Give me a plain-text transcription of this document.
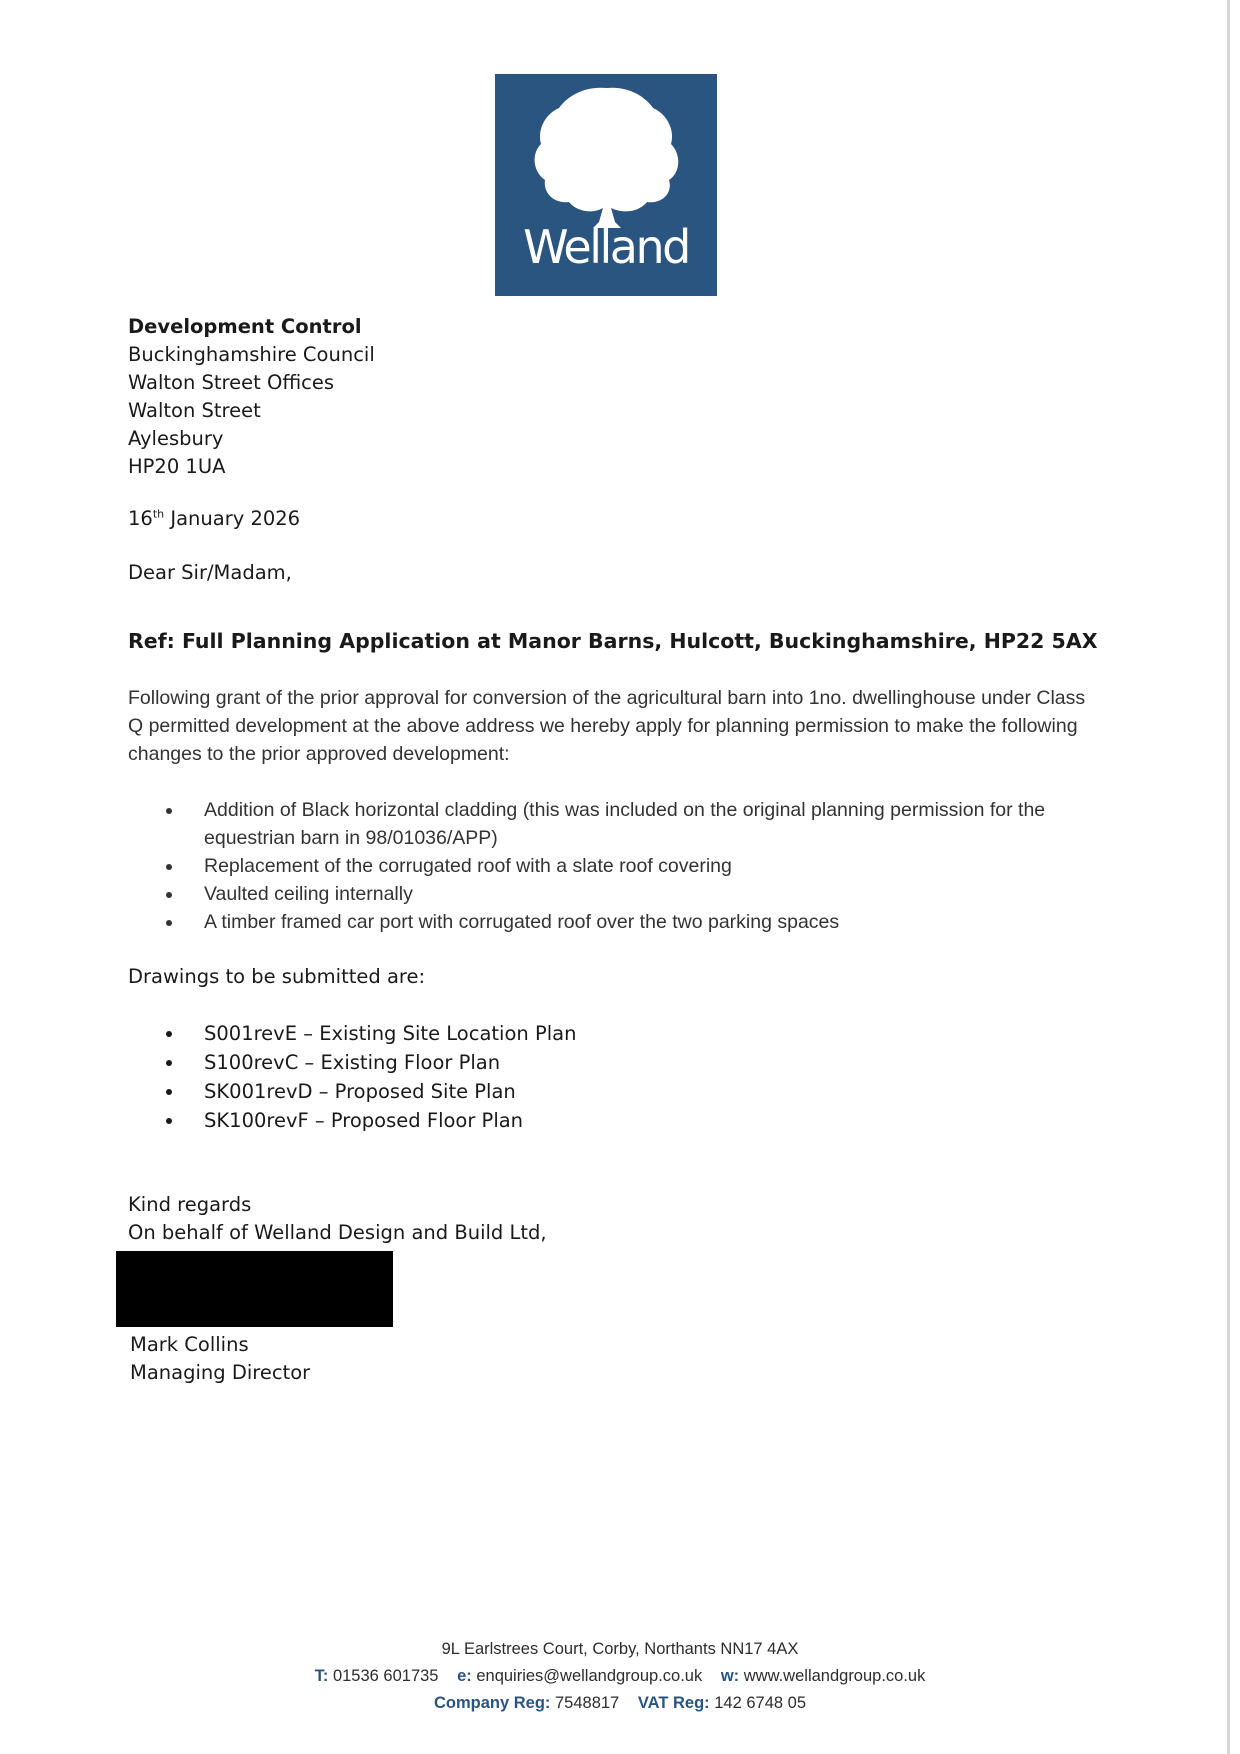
Welland
Development Control
Buckinghamshire Council
Walton Street Offices
Walton Street
Aylesbury
HP20 1UA
16th January 2026
Dear Sir/Madam,
Ref: Full Planning Application at Manor Barns, Hulcott, Buckinghamshire, HP22 5AX
Following grant of the prior approval for conversion of the agricultural barn into 1no. dwellinghouse under Class Q permitted development at the above address we hereby apply for planning permission to make the following changes to the prior approved development:
Addition of Black horizontal cladding (this was included on the original planning permission for the equestrian barn in 98/01036/APP)
Replacement of the corrugated roof with a slate roof covering
Vaulted ceiling internally
A timber framed car port with corrugated roof over the two parking spaces
Drawings to be submitted are:
S001revE – Existing Site Location Plan
S100revC – Existing Floor Plan
SK001revD – Proposed Site Plan
SK100revF – Proposed Floor Plan
Kind regards
On behalf of Welland Design and Build Ltd,
Mark Collins
Managing Director
9L Earlstrees Court, Corby, Northants NN17 4AX
T: 01536 601735 e: enquiries@wellandgroup.co.uk w: www.wellandgroup.co.uk
Company Reg: 7548817 VAT Reg: 142 6748 05
